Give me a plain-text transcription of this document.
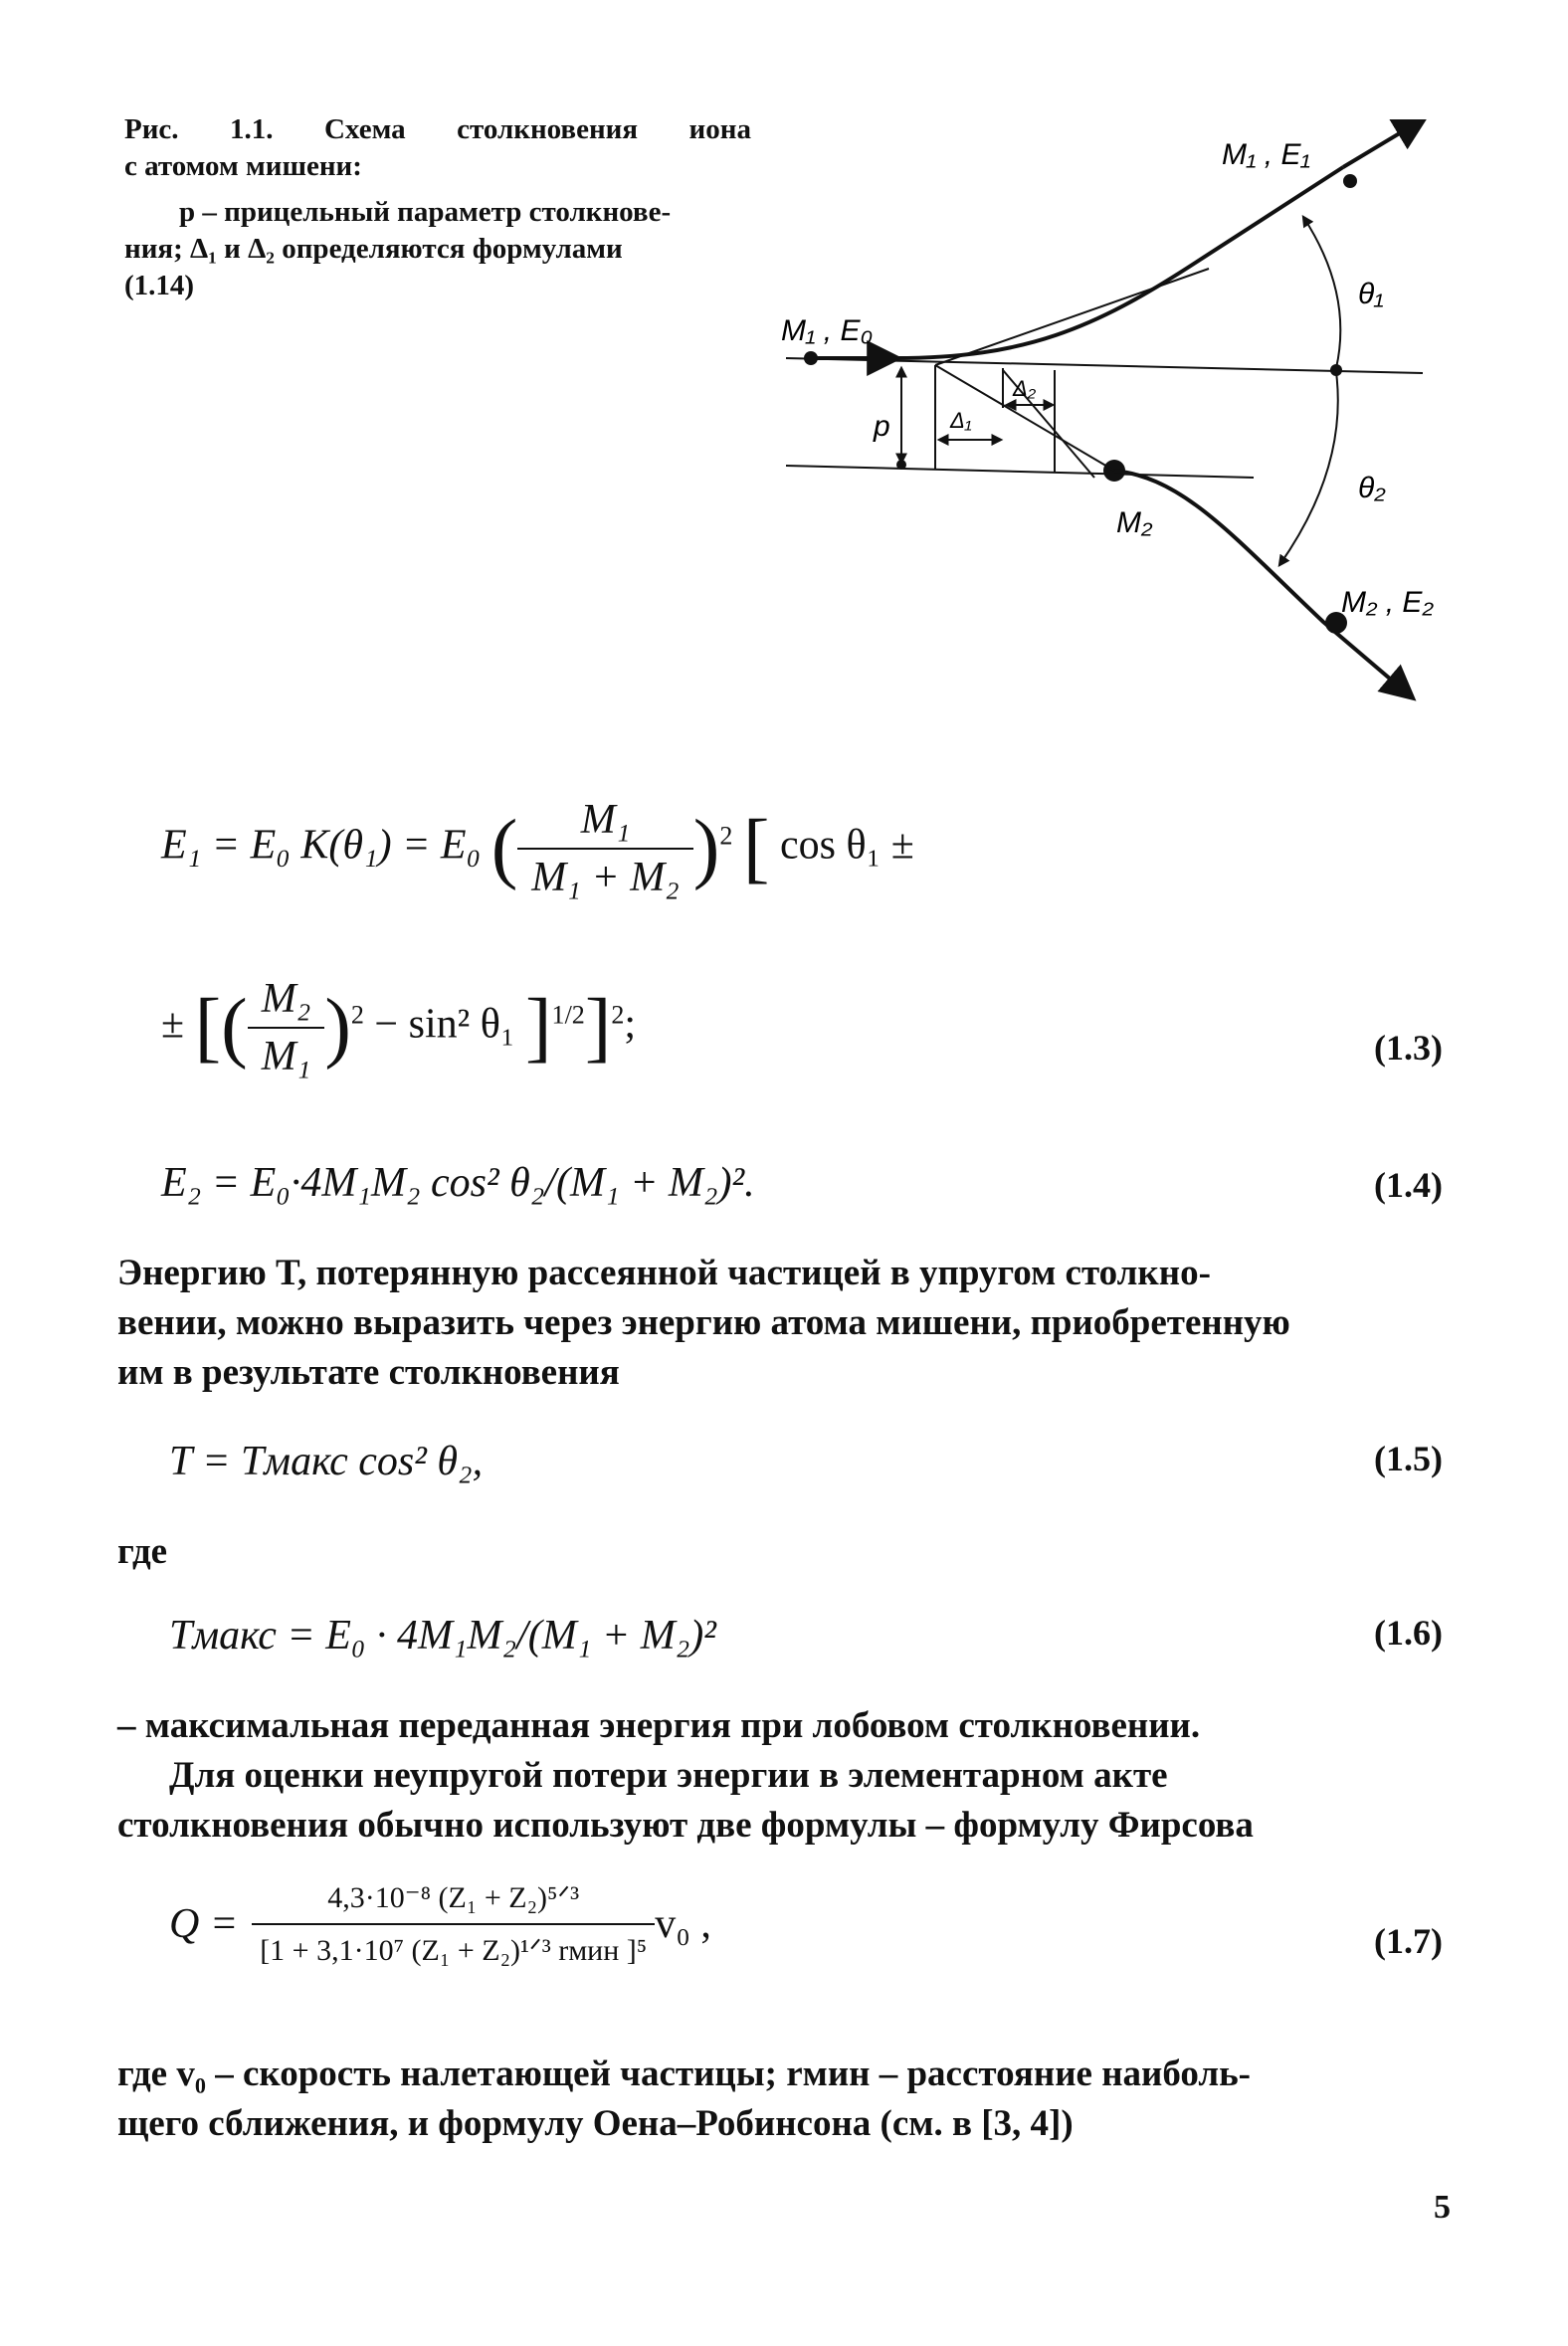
Рис. 1.1. Схема столкновения иона
с атомом мишени:
p – прицельный параметр столкнове-
ния; Δ₁ и Δ₂ определяются формулами
(1.14)
M₁ , E₁
M₁ , E₀
θ₁
θ₂
Δ₂
Δ₁
p
M₂
M₂ , E₂
E₁ = E₀ K(θ₁) = E₀ ( $\frac{\text{M₁}}{\text{M₁ + M₂}} )^2$ [ cos θ₁ ±
± [( $\frac{\text{M₂}}{\text{M₁}} )^2 - \sin^2$ θ₁ ]$^{1/2}$]$^2$;
(1.3)
E₂ = E₀·4M₁M₂ cos² θ₂/(M₁ + M₂)².	(1.4)
Энергию T, потерянную рассеянной частицей в упругом столкно-
вении, можно выразить через энергию атома мишени, приобретенную
им в результате столкновения
T = Tмакс cos² θ₂,	(1.5)
где
Tмакс = E₀ · 4M₁M₂/(M₁ + M₂)²	(1.6)
– максимальная переданная энергия при лобовом столкновении.
Для оценки неупругой потери энергии в элементарном акте
столкновения обычно используют две формулы – формулу Фирсова
$Q = \frac{\text{4,3·10⁻⁸ (Z₁ + Z₂)⁵ᐟ³}}{\text{[1 + 3,1·10⁷ (Z₁ + Z₂)¹ᐟ³ rмин ]⁵}} v_0$ ,	(1.7)
где v₀ – скорость налетающей частицы; rмин – расстояние наиболь-
щего сближения, и формулу Оена–Робинсона (см. в [3, 4])
5
